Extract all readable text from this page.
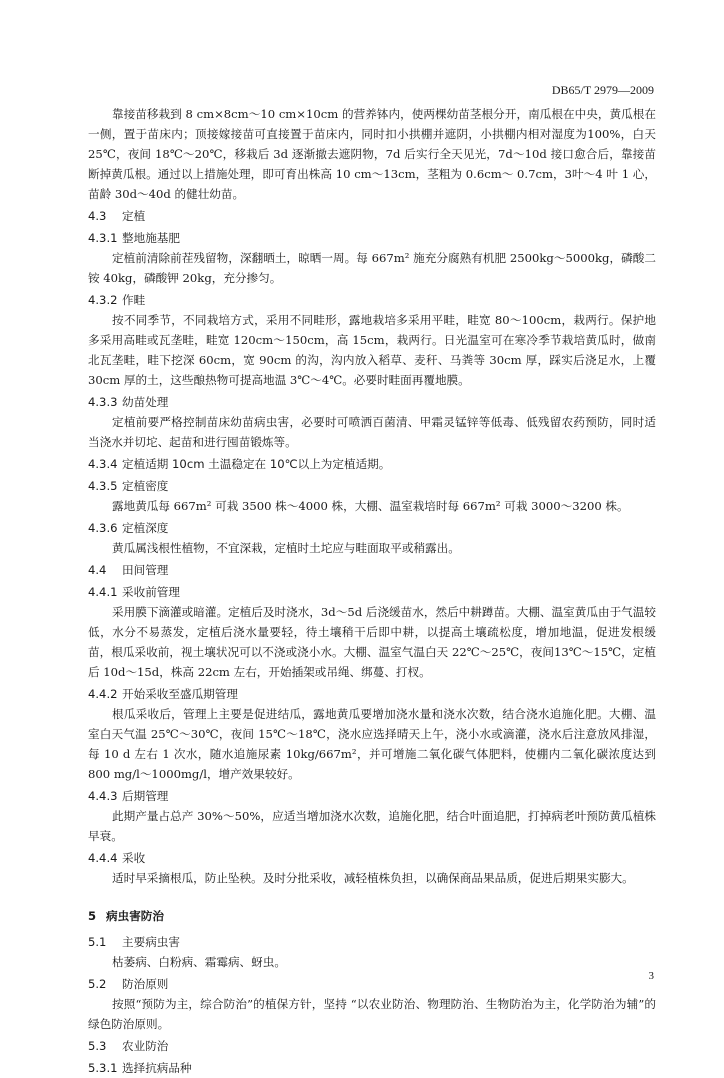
DB65/T 2979—2009

靠接苗移栽到 8 cm×8cm～10 cm×10cm 的营养钵内，使两棵幼苗茎根分开，南瓜根在中央，黄瓜根在一侧，置于苗床内；顶接嫁接苗可直接置于苗床内，同时扣小拱棚并遮阴，小拱棚内相对湿度为100%，白天 25℃，夜间 18℃～20℃，移栽后 3d 逐渐撤去遮阴物，7d 后实行全天见光，7d～10d 接口愈合后，靠接苗断掉黄瓜根。通过以上措施处理，即可育出株高 10 cm～13cm，茎粗为 0.6cm～ 0.7cm，3叶～4 叶 1 心，苗龄 30d～40d 的健壮幼苗。

4.3 定植
4.3.1 整地施基肥

定植前清除前茬残留物，深翻晒土，晾晒一周。每 667m² 施充分腐熟有机肥 2500kg～5000kg，磷酸二铵 40kg，磷酸钾 20kg，充分掺匀。

4.3.2 作畦

按不同季节，不同栽培方式，采用不同畦形，露地栽培多采用平畦，畦宽 80～100cm，栽两行。保护地多采用高畦或瓦垄畦，畦宽 120cm～150cm，高 15cm，栽两行。日光温室可在寒冷季节栽培黄瓜时，做南北瓦垄畦，畦下挖深 60cm，宽 90cm 的沟，沟内放入稻草、麦秆、马粪等 30cm 厚，踩实后浇足水，上覆 30cm 厚的土，这些酿热物可提高地温 3℃～4℃。必要时畦面再覆地膜。

4.3.3 幼苗处理

定植前要严格控制苗床幼苗病虫害，必要时可喷洒百菌清、甲霜灵锰锌等低毒、低残留农药预防，同时适当浇水并切坨、起苗和进行囤苗锻炼等。

4.3.4 定植适期 10cm 土温稳定在 10℃以上为定植适期。
4.3.5 定植密度

露地黄瓜每 667m² 可栽 3500 株～4000 株，大棚、温室栽培时每 667m² 可栽 3000～3200 株。

4.3.6 定植深度

黄瓜属浅根性植物，不宜深栽，定植时土坨应与畦面取平或稍露出。

4.4 田间管理
4.4.1 采收前管理

采用膜下滴灌或暗灌。定植后及时浇水，3d～5d 后浇缓苗水，然后中耕蹲苗。大棚、温室黄瓜由于气温较低，水分不易蒸发，定植后浇水量要轻，待土壤稍干后即中耕，以提高土壤疏松度，增加地温，促进发根缓苗，根瓜采收前，视土壤状况可以不浇或浇小水。大棚、温室气温白天 22℃～25℃，夜间13℃～15℃，定植后 10d～15d，株高 22cm 左右，开始插架或吊绳、绑蔓、打杈。

4.4.2 开始采收至盛瓜期管理

根瓜采收后，管理上主要是促进结瓜，露地黄瓜要增加浇水量和浇水次数，结合浇水追施化肥。大棚、温室白天气温 25℃～30℃，夜间 15℃～18℃，浇水应选择晴天上午，浇小水或滴灌，浇水后注意放风排湿，每 10 d 左右 1 次水，随水追施尿素 10kg/667m²，并可增施二氧化碳气体肥料，使棚内二氧化碳浓度达到 800 mg/l～1000mg/l，增产效果较好。

4.4.3 后期管理

此期产量占总产 30%～50%，应适当增加浇水次数，追施化肥，结合叶面追肥，打掉病老叶预防黄瓜植株早衰。

4.4.4 采收

适时早采摘根瓜，防止坠秧。及时分批采收，减轻植株负担，以确保商品果品质，促进后期果实膨大。

5 病虫害防治
5.1 主要病虫害

枯萎病、白粉病、霜霉病、蚜虫。

5.2 防治原则

按照“预防为主，综合防治”的植保方针，坚持 “以农业防治、物理防治、生物防治为主，化学防治为辅”的绿色防治原则。

5.3 农业防治
5.3.1 选择抗病品种
3
